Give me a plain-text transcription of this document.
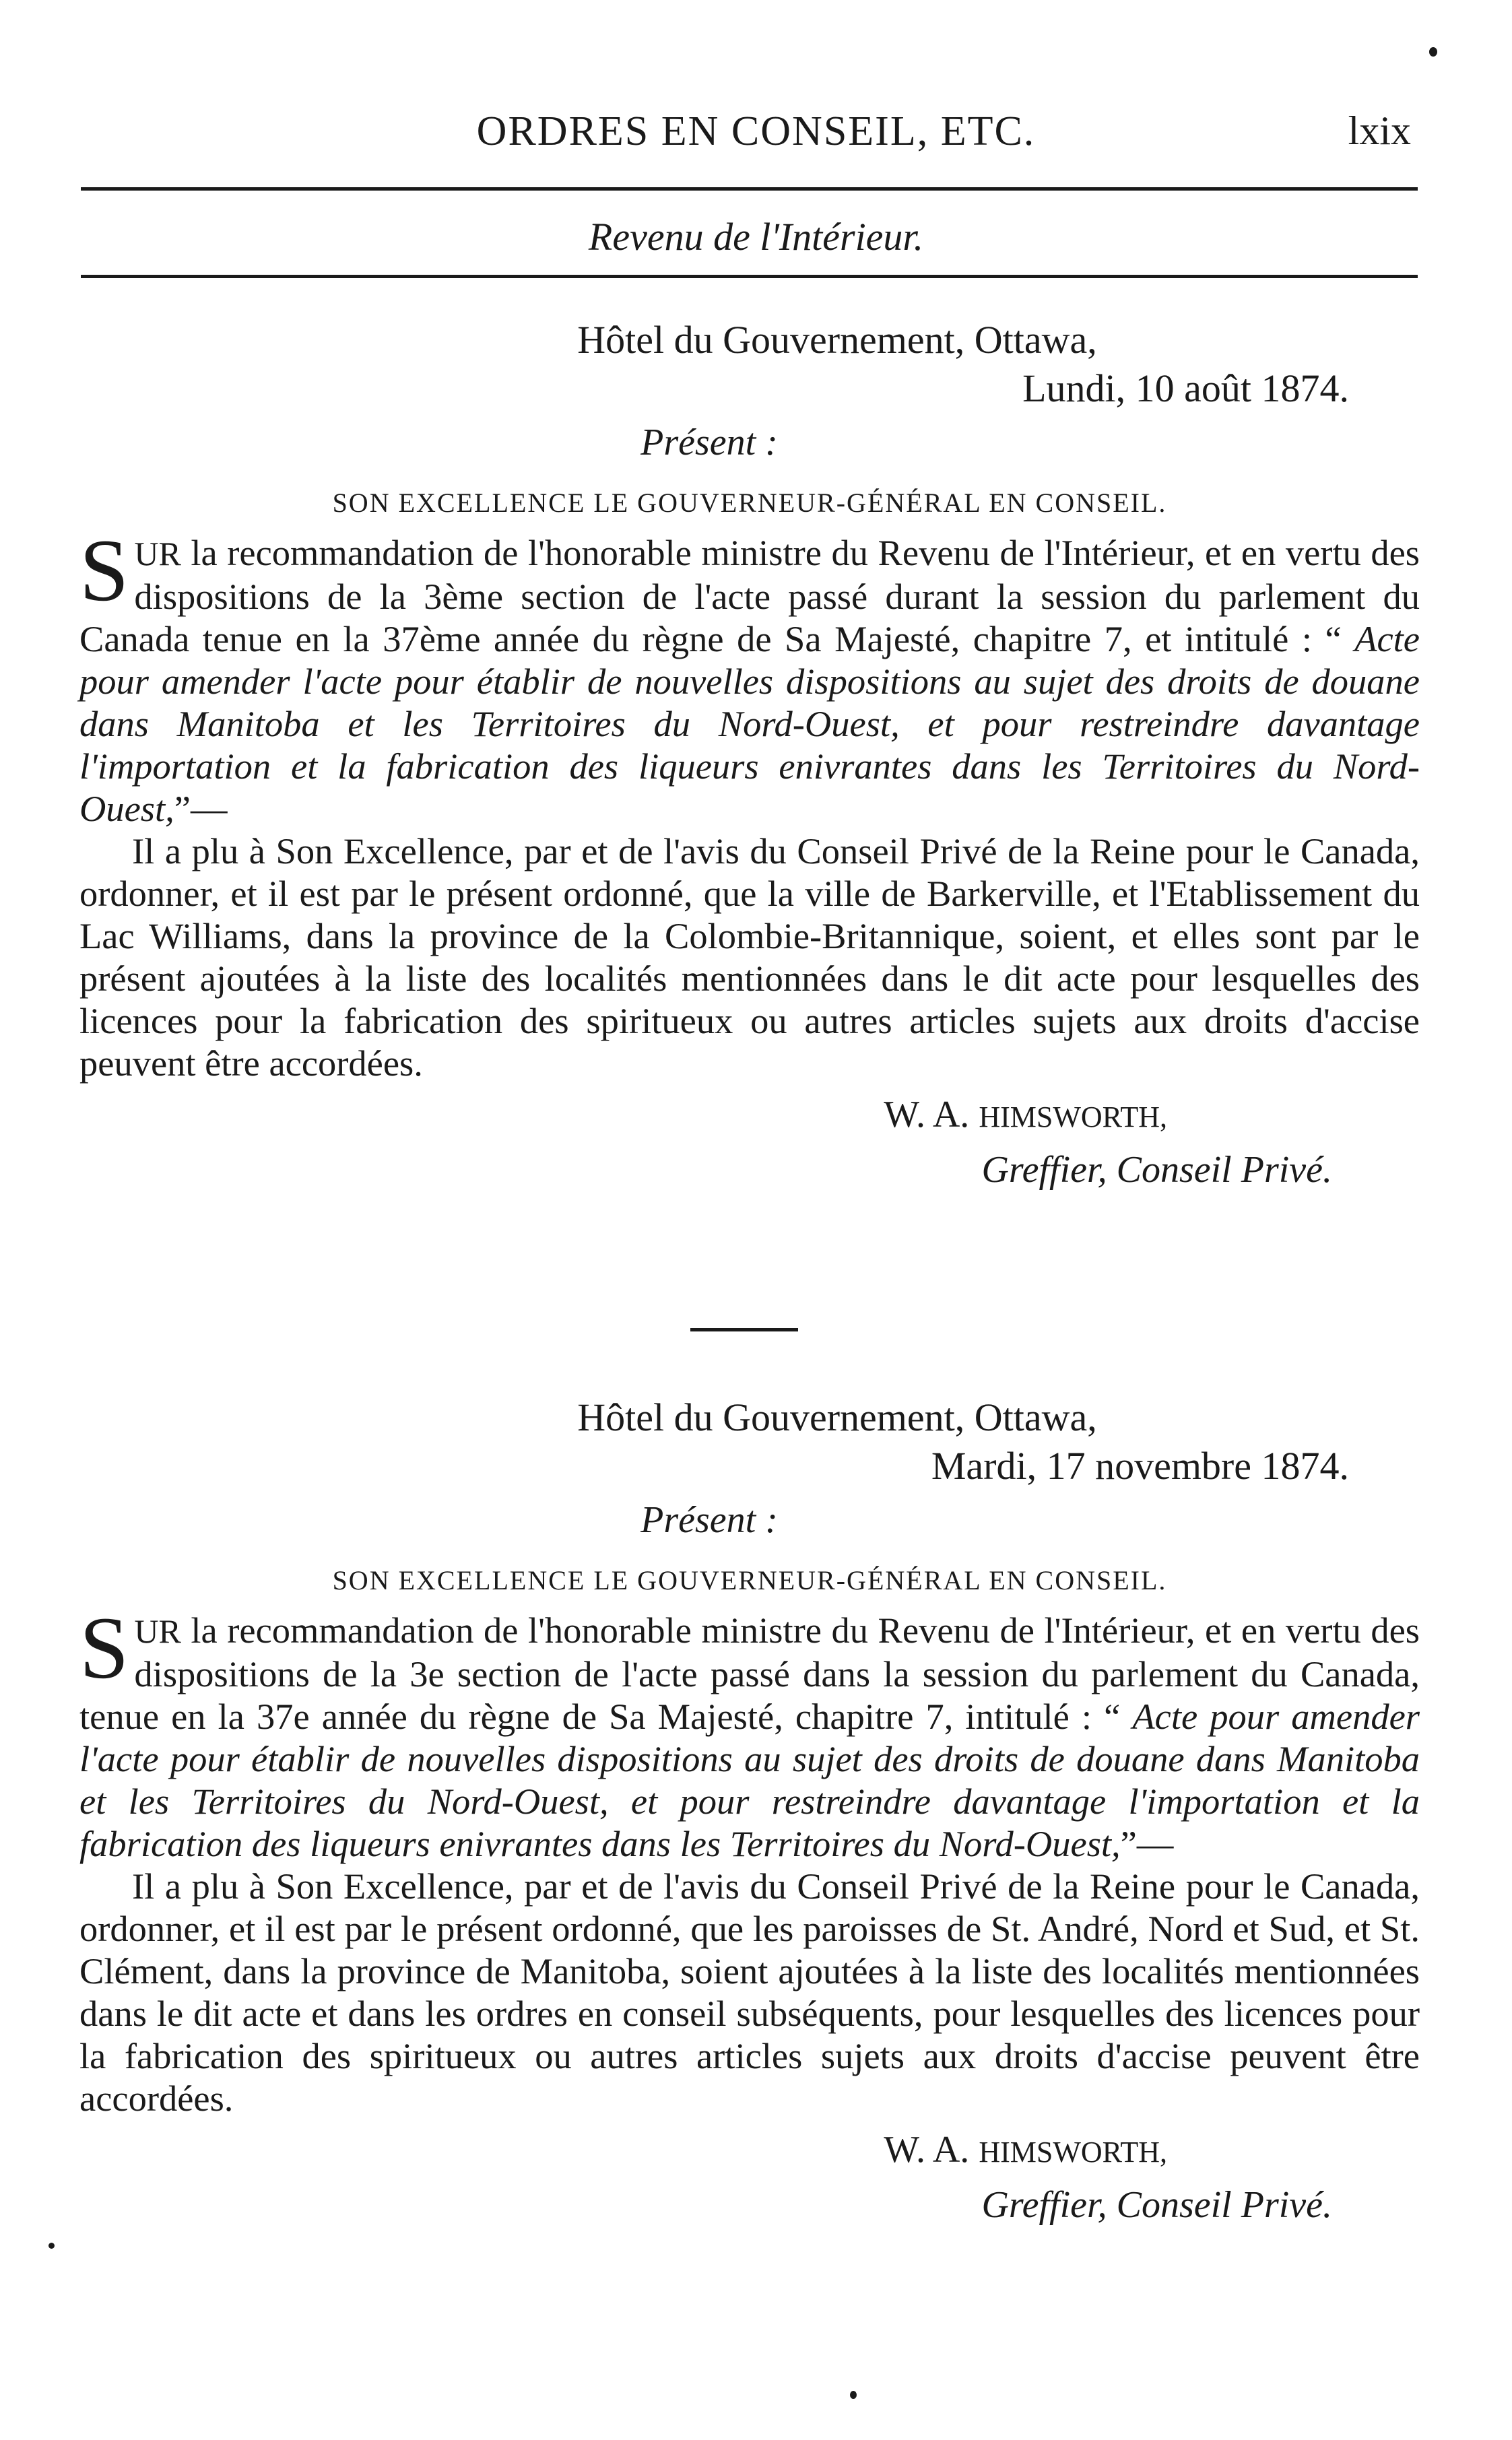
ORDRES EN CONSEIL, ETC.	lxix
Revenu de l'Intérieur.
Hôtel du Gouvernement, Ottawa,
Lundi, 10 août 1874.
Présent :
SON EXCELLENCE LE GOUVERNEUR-GÉNÉRAL EN CONSEIL.

SUR la recommandation de l'honorable ministre du Revenu de l'Intérieur, et en vertu des dispositions de la 3ème section de l'acte passé durant la session du parlement du Canada tenue en la 37ème année du règne de Sa Majesté, chapitre 7, et intitulé : “ Acte pour amender l'acte pour établir de nouvelles dispositions au sujet des droits de douane dans Manitoba et les Territoires du Nord-Ouest, et pour restreindre davantage l'importation et la fabrication des liqueurs enivrantes dans les Territoires du Nord-Ouest,”—

Il a plu à Son Excellence, par et de l'avis du Conseil Privé de la Reine pour le Canada, ordonner, et il est par le présent ordonné, que la ville de Barkerville, et l'Etablissement du Lac Williams, dans la province de la Colombie-Britannique, soient, et elles sont par le présent ajoutées à la liste des localités mentionnées dans le dit acte pour lesquelles des licences pour la fabrication des spiritueux ou autres articles sujets aux droits d'accise peuvent être accordées.

W. A. HIMSWORTH,
Greffier, Conseil Privé.
Hôtel du Gouvernement, Ottawa,
Mardi, 17 novembre 1874.
Présent :
SON EXCELLENCE LE GOUVERNEUR-GÉNÉRAL EN CONSEIL.

SUR la recommandation de l'honorable ministre du Revenu de l'Intérieur, et en vertu des dispositions de la 3e section de l'acte passé dans la session du parlement du Canada, tenue en la 37e année du règne de Sa Majesté, chapitre 7, intitulé : “ Acte pour amender l'acte pour établir de nouvelles dispositions au sujet des droits de douane dans Manitoba et les Territoires du Nord-Ouest, et pour restreindre davantage l'importation et la fabrication des liqueurs enivrantes dans les Territoires du Nord-Ouest,”—

Il a plu à Son Excellence, par et de l'avis du Conseil Privé de la Reine pour le Canada, ordonner, et il est par le présent ordonné, que les paroisses de St. André, Nord et Sud, et St. Clément, dans la province de Manitoba, soient ajoutées à la liste des localités mentionnées dans le dit acte et dans les ordres en conseil subséquents, pour lesquelles des licences pour la fabrication des spiritueux ou autres articles sujets aux droits d'accise peuvent être accordées.

W. A. HIMSWORTH,
Greffier, Conseil Privé.
